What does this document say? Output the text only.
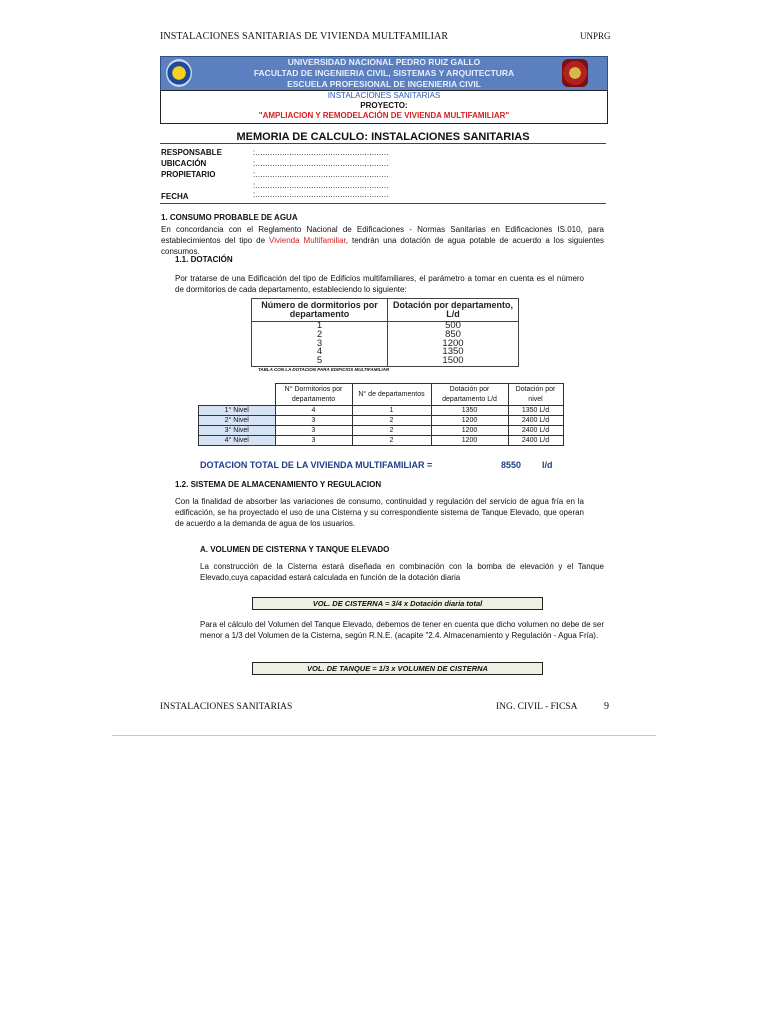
INSTALACIONES SANITARIAS DE VIVIENDA MULTFAMILIAR	UNPRG
UNIVERSIDAD NACIONAL PEDRO RUIZ GALLO
FACULTAD DE INGENIERIA CIVIL, SISTEMAS Y ARQUITECTURA
ESCUELA PROFESIONAL DE INGENIERIA CIVIL
INSTALACIONES SANITARIAS
PROYECTO:
"AMPLIACION Y REMODELACIÓN DE VIVIENDA MULTIFAMILIAR"
MEMORIA DE CALCULO: INSTALACIONES SANITARIAS
RESPONSABLE	:.......................................................
UBICACIÓN	:.......................................................
PROPIETARIO	:.......................................................
:.......................................................
FECHA	:.......................................................
1. CONSUMO PROBABLE DE AGUA
En concordancia con el Reglamento Nacional de Edificaciones - Normas Sanitarias en Edificaciones IS.010, para establecimientos del tipo de Vivienda Multifamiliar, tendrán una dotación de agua potable de acuerdo a los siguientes consumos.
1.1. DOTACIÓN
Por tratarse de una Edificación del tipo de Edificios multifamiliares, el parámetro a tomar en cuenta es el número de dormitorios de cada departamento, estableciendo lo siguiente:
Número de dormitorios por departamento	Dotación por departamento, L/d
1	500
2	850
3	1200
4	1350
5	1500
TABLA CON LA DOTACION PARA EDIFICIOS MULTIFAMILIAR
	N° Dormitorios por departamento	N° de departamentos	Dotación por departamento L/d	Dotación por nivel
1° Nivel	4	1	1350	1350 L/d
2° Nivel	3	2	1200	2400 L/d
3° Nivel	3	2	1200	2400 L/d
4° Nivel	3	2	1200	2400 L/d
DOTACION TOTAL DE LA VIVIENDA MULTIFAMILIAR =	8550 l/d
1.2. SISTEMA DE ALMACENAMIENTO Y REGULACION
Con la finalidad de absorber las variaciones de consumo, continuidad y regulación del servicio de agua fría en la edificación, se ha proyectado el uso de una Cisterna y su correspondiente sistema de Tanque Elevado, que operan de acuerdo a la demanda de agua de los usuarios.
A. VOLUMEN DE CISTERNA Y TANQUE ELEVADO
La construcción de la Cisterna estará diseñada en combinación con la bomba de elevación y el Tanque Elevado,cuya capacidad estará calculada en función de la dotación diaria
VOL. DE CISTERNA = 3/4 x Dotación diaria total
Para el cálculo del Volumen del Tanque Elevado, debemos de tener en cuenta que dicho volumen no debe de ser menor a 1/3 del Volumen de la Cisterna, según R.N.E. (acapite "2.4. Almacenamiento y Regulación - Agua Fría).
VOL. DE TANQUE = 1/3 x VOLUMEN DE CISTERNA
INSTALACIONES SANITARIAS	ING. CIVIL - FICSA	9
